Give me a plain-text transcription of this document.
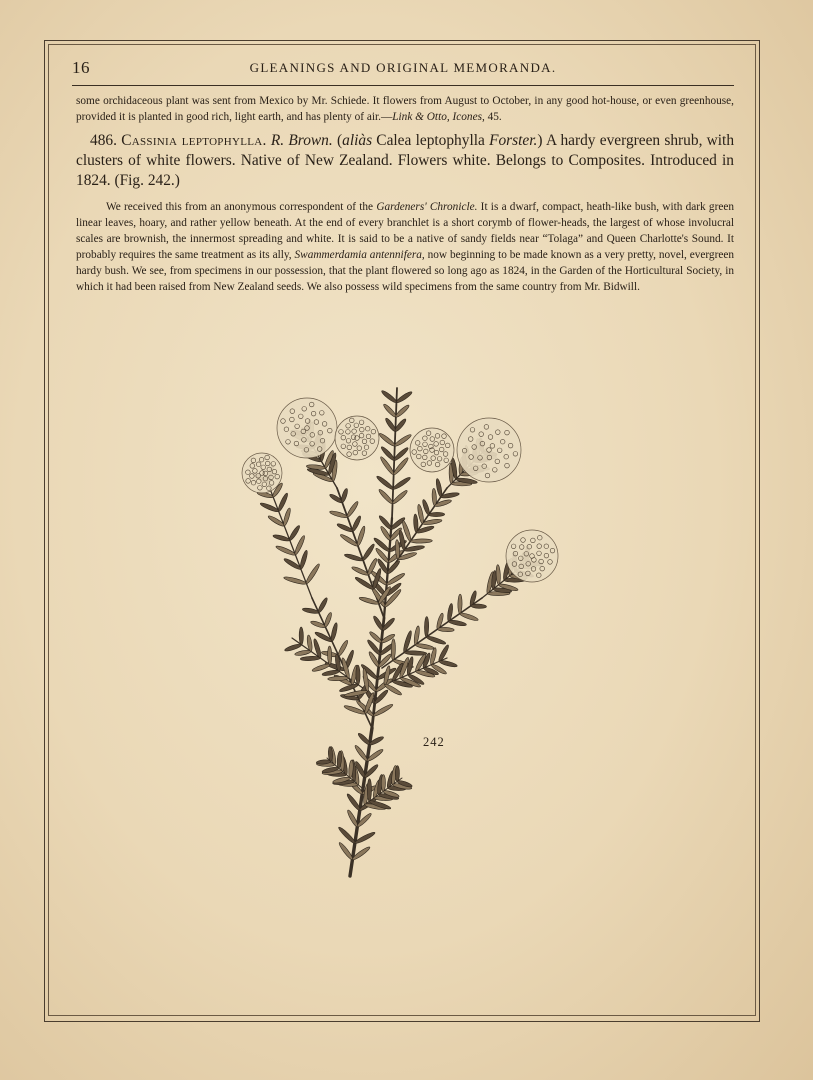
16	GLEANINGS AND ORIGINAL MEMORANDA.
some orchidaceous plant was sent from Mexico by Mr. Schiede. It flowers from August to October, in any good hot-house, or even greenhouse, provided it is planted in good rich, light earth, and has plenty of air.—Link & Otto, Icones, 45.
486. Cassinia leptophylla. R. Brown. (aliàs Calea leptophylla Forster.) A hardy evergreen shrub, with clusters of white flowers. Native of New Zealand. Flowers white. Belongs to Composites. Introduced in 1824. (Fig. 242.)
We received this from an anonymous correspondent of the Gardeners' Chronicle. It is a dwarf, compact, heath-like bush, with dark green linear leaves, hoary, and rather yellow beneath. At the end of every branchlet is a short corymb of flower-heads, the largest of whose involucral scales are brownish, the innermost spreading and white. It is said to be a native of sandy fields near “Tolaga” and Queen Charlotte's Sound. It probably requires the same treatment as its ally, Swammerdamia antennifera, now beginning to be made known as a very pretty, novel, evergreen hardy bush. We see, from specimens in our possession, that the plant flowered so long ago as 1824, in the Garden of the Horticultural Society, in which it had been raised from New Zealand seeds. We also possess wild specimens from the same country from Mr. Bidwill.
242
